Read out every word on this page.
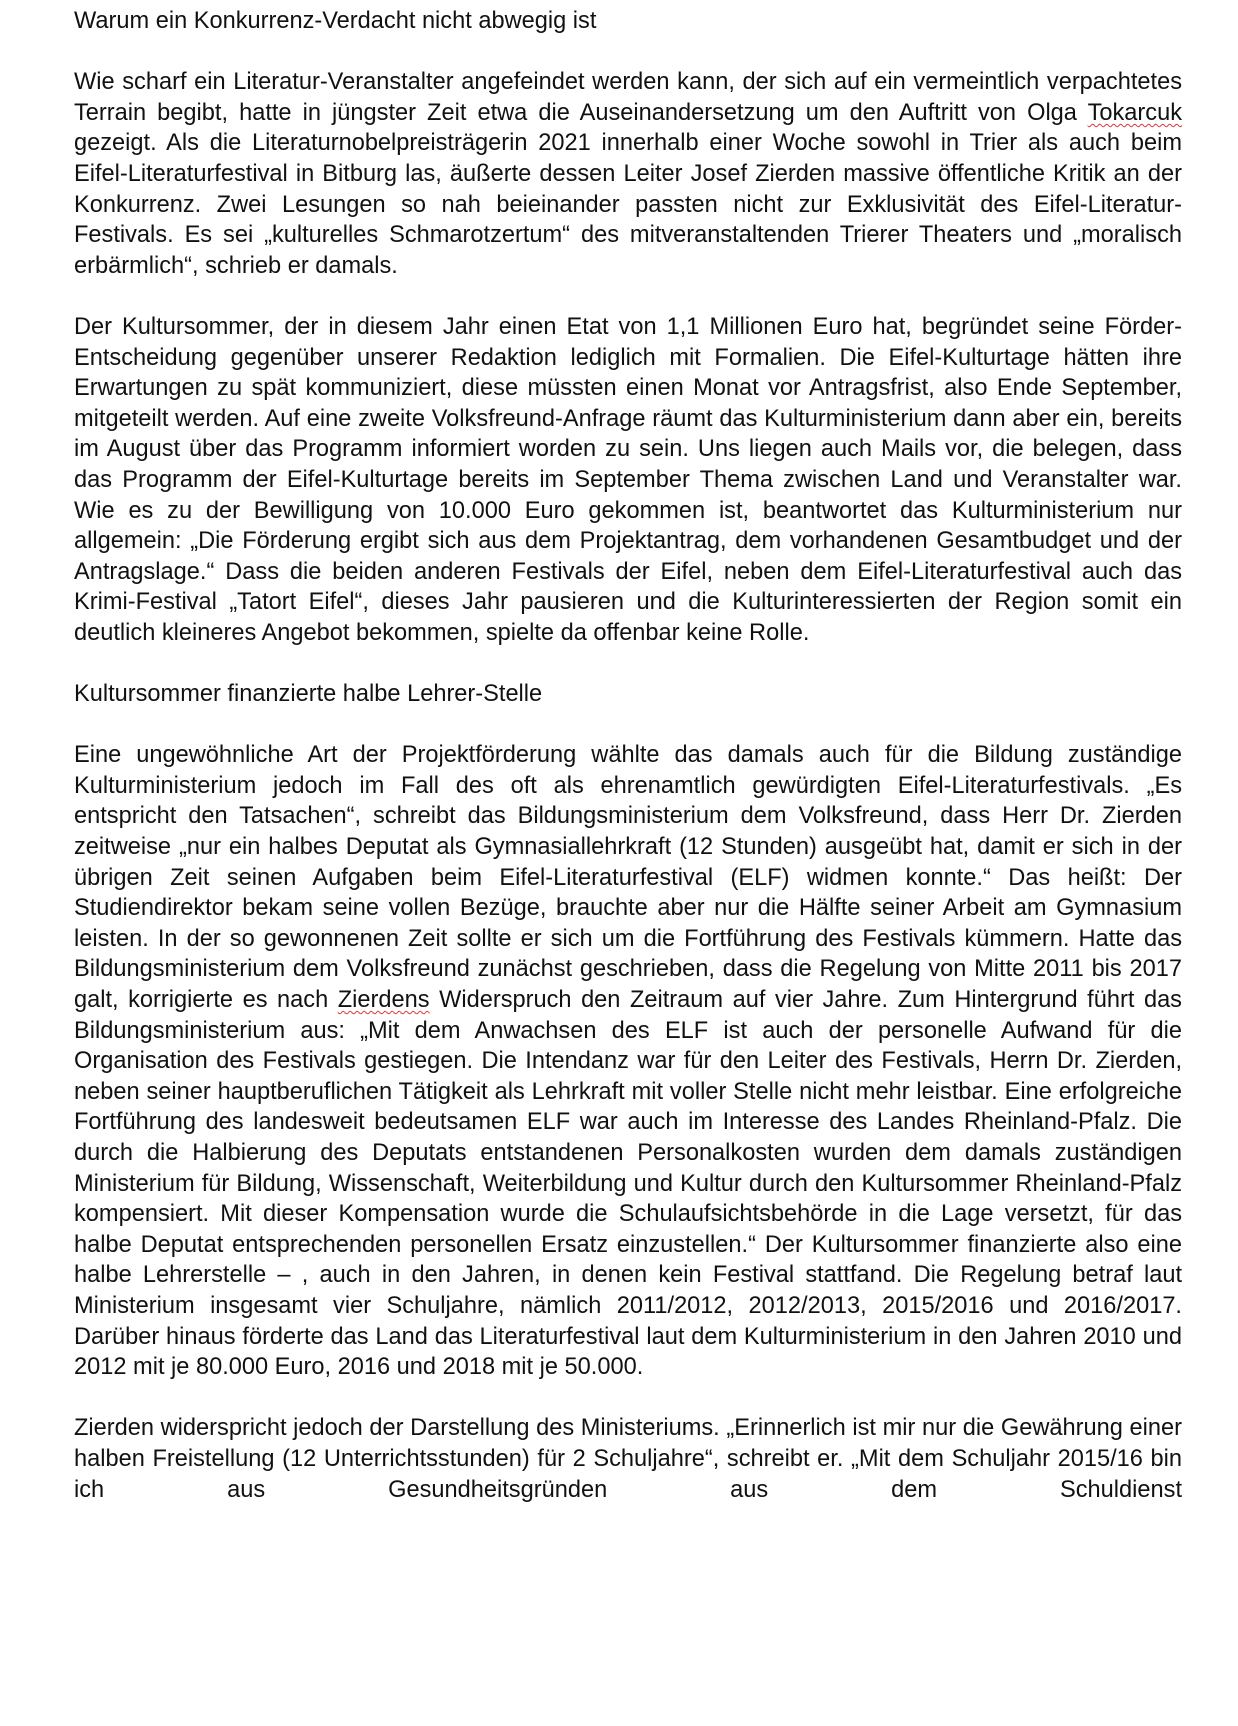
Warum ein Konkurrenz-Verdacht nicht abwegig ist

Wie scharf ein Literatur-Veranstalter angefeindet werden kann, der sich auf ein vermeintlich verpachtetes Terrain begibt, hatte in jüngster Zeit etwa die Auseinandersetzung um den Auftritt von Olga Tokarcuk gezeigt. Als die Literaturnobelpreisträgerin 2021 innerhalb einer Woche sowohl in Trier als auch beim Eifel-Literaturfestival in Bitburg las, äußerte dessen Leiter Josef Zierden massive öffentliche Kritik an der Konkurrenz. Zwei Lesungen so nah beieinander passten nicht zur Exklusivität des Eifel-Literatur-Festivals. Es sei „kulturelles Schmarotzertum“ des mitveranstaltenden Trierer Theaters und „moralisch erbärmlich“, schrieb er damals.

Der Kultursommer, der in diesem Jahr einen Etat von 1,1 Millionen Euro hat, begründet seine Förder-Entscheidung gegenüber unserer Redaktion lediglich mit Formalien. Die Eifel-Kulturtage hätten ihre Erwartungen zu spät kommuniziert, diese müssten einen Monat vor Antragsfrist, also Ende September, mitgeteilt werden. Auf eine zweite Volksfreund-Anfrage räumt das Kulturministerium dann aber ein, bereits im August über das Programm informiert worden zu sein. Uns liegen auch Mails vor, die belegen, dass das Programm der Eifel-Kulturtage bereits im September Thema zwischen Land und Veranstalter war. Wie es zu der Bewilligung von 10.000 Euro gekommen ist, beantwortet das Kulturministerium nur allgemein: „Die Förderung ergibt sich aus dem Projektantrag, dem vorhandenen Gesamtbudget und der Antragslage.“ Dass die beiden anderen Festivals der Eifel, neben dem Eifel-Literaturfestival auch das Krimi-Festival „Tatort Eifel“, dieses Jahr pausieren und die Kulturinteressierten der Region somit ein deutlich kleineres Angebot bekommen, spielte da offenbar keine Rolle.

Kultursommer finanzierte halbe Lehrer-Stelle

Eine ungewöhnliche Art der Projektförderung wählte das damals auch für die Bildung zuständige Kulturministerium jedoch im Fall des oft als ehrenamtlich gewürdigten Eifel-Literaturfestivals. „Es entspricht den Tatsachen“, schreibt das Bildungsministerium dem Volksfreund, dass Herr Dr. Zierden zeitweise „nur ein halbes Deputat als Gymnasiallehrkraft (12 Stunden) ausgeübt hat, damit er sich in der übrigen Zeit seinen Aufgaben beim Eifel-Literaturfestival (ELF) widmen konnte.“ Das heißt: Der Studiendirektor bekam seine vollen Bezüge, brauchte aber nur die Hälfte seiner Arbeit am Gymnasium leisten. In der so gewonnenen Zeit sollte er sich um die Fortführung des Festivals kümmern. Hatte das Bildungsministerium dem Volksfreund zunächst geschrieben, dass die Regelung von Mitte 2011 bis 2017 galt, korrigierte es nach Zierdens Widerspruch den Zeitraum auf vier Jahre. Zum Hintergrund führt das Bildungsministerium aus: „Mit dem Anwachsen des ELF ist auch der personelle Aufwand für die Organisation des Festivals gestiegen. Die Intendanz war für den Leiter des Festivals, Herrn Dr. Zierden, neben seiner hauptberuflichen Tätigkeit als Lehrkraft mit voller Stelle nicht mehr leistbar. Eine erfolgreiche Fortführung des landesweit bedeutsamen ELF war auch im Interesse des Landes Rheinland-Pfalz. Die durch die Halbierung des Deputats entstandenen Personalkosten wurden dem damals zuständigen Ministerium für Bildung, Wissenschaft, Weiterbildung und Kultur durch den Kultursommer Rheinland-Pfalz kompensiert. Mit dieser Kompensation wurde die Schulaufsichtsbehörde in die Lage versetzt, für das halbe Deputat entsprechenden personellen Ersatz einzustellen.“ Der Kultursommer finanzierte also eine halbe Lehrerstelle – , auch in den Jahren, in denen kein Festival stattfand. Die Regelung betraf laut Ministerium insgesamt vier Schuljahre, nämlich 2011/2012, 2012/2013, 2015/2016 und 2016/2017. Darüber hinaus förderte das Land das Literaturfestival laut dem Kulturministerium in den Jahren 2010 und 2012 mit je 80.000 Euro, 2016 und 2018 mit je 50.000.

Zierden widerspricht jedoch der Darstellung des Ministeriums. „Erinnerlich ist mir nur die Gewährung einer halben Freistellung (12 Unterrichtsstunden) für 2 Schuljahre“, schreibt er. „Mit dem Schuljahr 2015/16 bin ich aus Gesundheitsgründen aus dem Schuldienst
